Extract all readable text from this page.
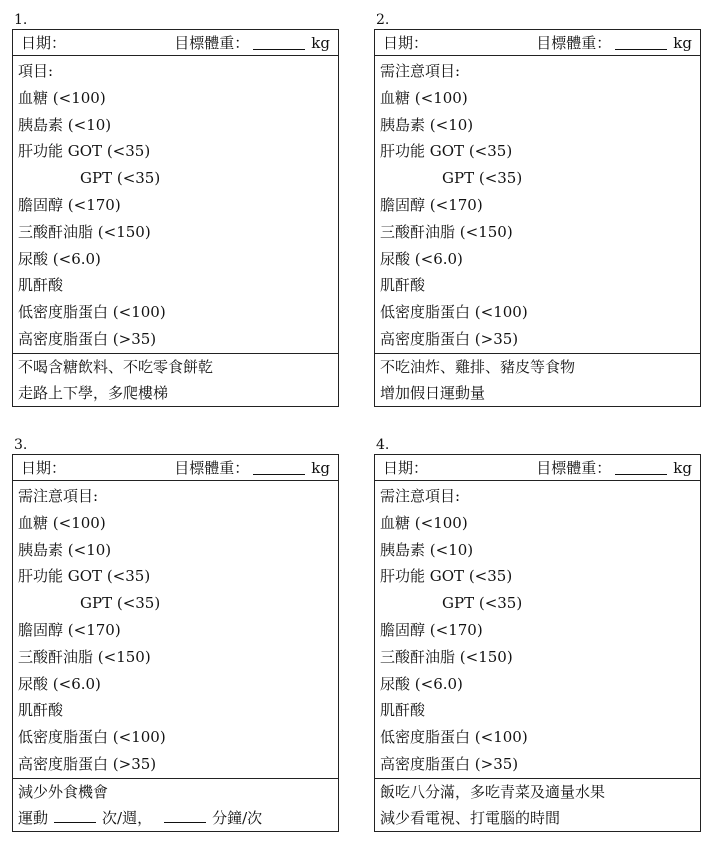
1.
日期：	目標體重：	kg
項目:
血糖 (<100)
胰島素 (<10)
肝功能 GOT (<35)
GPT (<35)
膽固醇 (<170)
三酸酐油脂 (<150)
尿酸 (<6.0)
肌酐酸
低密度脂蛋白 (<100)
高密度脂蛋白 (>35)
不喝含糖飲料、不吃零食餅乾
走路上下學，多爬樓梯
2.
日期：	目標體重：	kg
需注意項目:
血糖 (<100)
胰島素 (<10)
肝功能 GOT (<35)
GPT (<35)
膽固醇 (<170)
三酸酐油脂 (<150)
尿酸 (<6.0)
肌酐酸
低密度脂蛋白 (<100)
高密度脂蛋白 (>35)
不吃油炸、雞排、豬皮等食物
增加假日運動量
3.
日期：	目標體重：	kg
需注意項目:
血糖 (<100)
胰島素 (<10)
肝功能 GOT (<35)
GPT (<35)
膽固醇 (<170)
三酸酐油脂 (<150)
尿酸 (<6.0)
肌酐酸
低密度脂蛋白 (<100)
高密度脂蛋白 (>35)
減少外食機會
運動	次/週，	分鐘/次
4.
日期：	目標體重：	kg
需注意項目:
血糖 (<100)
胰島素 (<10)
肝功能 GOT (<35)
GPT (<35)
膽固醇 (<170)
三酸酐油脂 (<150)
尿酸 (<6.0)
肌酐酸
低密度脂蛋白 (<100)
高密度脂蛋白 (>35)
飯吃八分滿，多吃青菜及適量水果
減少看電視、打電腦的時間
